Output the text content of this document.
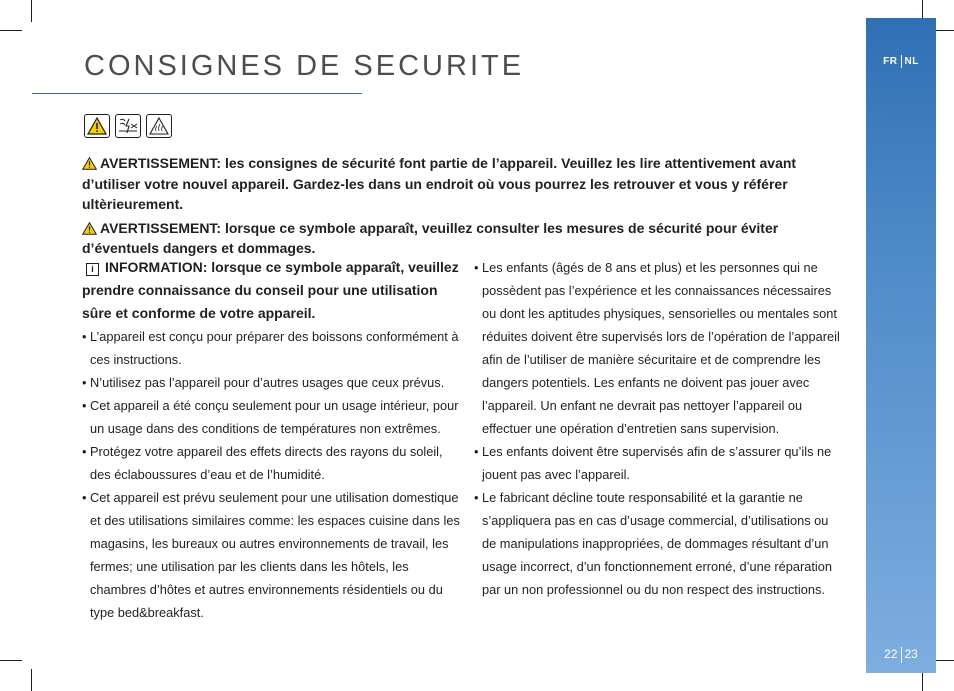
FR NL
22 23
CONSIGNES DE SECURITE

AVERTISSEMENT: les consignes de sécurité font partie de l’appareil. Veuillez les lire attentivement avant d’utiliser votre nouvel appareil. Gardez-les dans un endroit où vous pourrez les retrouver et vous y référer ultèrieurement.

AVERTISSEMENT: lorsque ce symbole apparaît, veuillez consulter les mesures de sécurité pour éviter d’éventuels dangers et dommages.

i INFORMATION: lorsque ce symbole apparaît, veuillez prendre connaissance du conseil pour une utilisation sûre et conforme de votre appareil.

• L’appareil est conçu pour préparer des boissons conformément à ces instructions.
• N’utilisez pas l’appareil pour d’autres usages que ceux prévus.
• Cet appareil a été conçu seulement pour un usage intérieur, pour un usage dans des conditions de températures non extrêmes.
• Protégez votre appareil des effets directs des rayons du soleil, des éclaboussures d’eau et de l’humidité.
• Cet appareil est prévu seulement pour une utilisation domestique et des utilisations similaires comme: les espaces cuisine dans les magasins, les bureaux ou autres environnements de travail, les fermes; une utilisation par les clients dans les hôtels, les chambres d’hôtes et autres environnements résidentiels ou du type bed&breakfast.
• Les enfants (âgés de 8 ans et plus) et les personnes qui ne possèdent pas l’expérience et les connaissances nécessaires ou dont les aptitudes physiques, sensorielles ou mentales sont réduites doivent être supervisés lors de l’opération de l’appareil afin de l’utiliser de manière sécuritaire et de comprendre les dangers potentiels. Les enfants ne doivent pas jouer avec l’appareil. Un enfant ne devrait pas nettoyer l’appareil ou effectuer une opération d’entretien sans supervision.
• Les enfants doivent être supervisés afin de s’assurer qu’ils ne jouent pas avec l’appareil.
• Le fabricant décline toute responsabilité et la garantie ne s’appliquera pas en cas d’usage commercial, d’utilisations ou de manipulations inappropriées, de dommages résultant d’un usage incorrect, d’un fonctionnement erroné, d’une réparation par un non professionnel ou du non respect des instructions.
